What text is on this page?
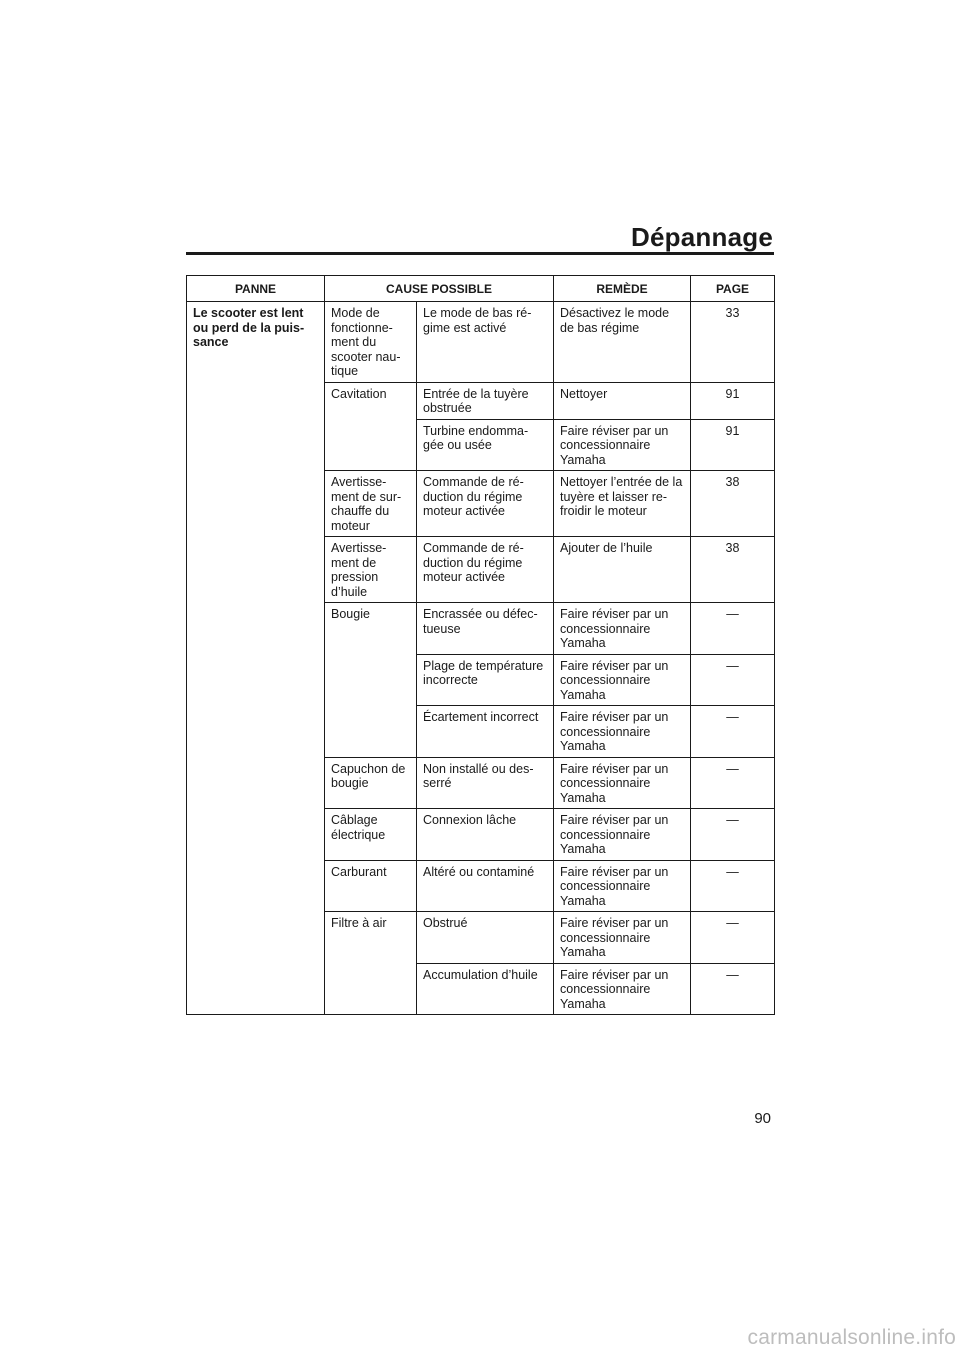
Dépannage
PANNE	CAUSE POSSIBLE		REMÈDE	PAGE
Le scooter est lent ou perd de la puis-sance	Mode de fonctionne-ment du scooter nau-tique	Le mode de bas ré-gime est activé	Désactivez le mode de bas régime	33
	Cavitation	Entrée de la tuyère obstruée	Nettoyer	91
		Turbine endomma-gée ou usée	Faire réviser par un concessionnaire Yamaha	91
	Avertisse-ment de sur-chauffe du moteur	Commande de ré-duction du régime moteur activée	Nettoyer l’entrée de la tuyère et laisser re-froidir le moteur	38
	Avertisse-ment de pression d’huile	Commande de ré-duction du régime moteur activée	Ajouter de l’huile	38
	Bougie	Encrassée ou défec-tueuse	Faire réviser par un concessionnaire Yamaha	—
		Plage de température incorrecte	Faire réviser par un concessionnaire Yamaha	—
		Écartement incorrect	Faire réviser par un concessionnaire Yamaha	—
	Capuchon de bougie	Non installé ou des-serré	Faire réviser par un concessionnaire Yamaha	—
	Câblage électrique	Connexion lâche	Faire réviser par un concessionnaire Yamaha	—
	Carburant	Altéré ou contaminé	Faire réviser par un concessionnaire Yamaha	—
	Filtre à air	Obstrué	Faire réviser par un concessionnaire Yamaha	—
		Accumulation d’huile	Faire réviser par un concessionnaire Yamaha	—
90
carmanualsonline.info
